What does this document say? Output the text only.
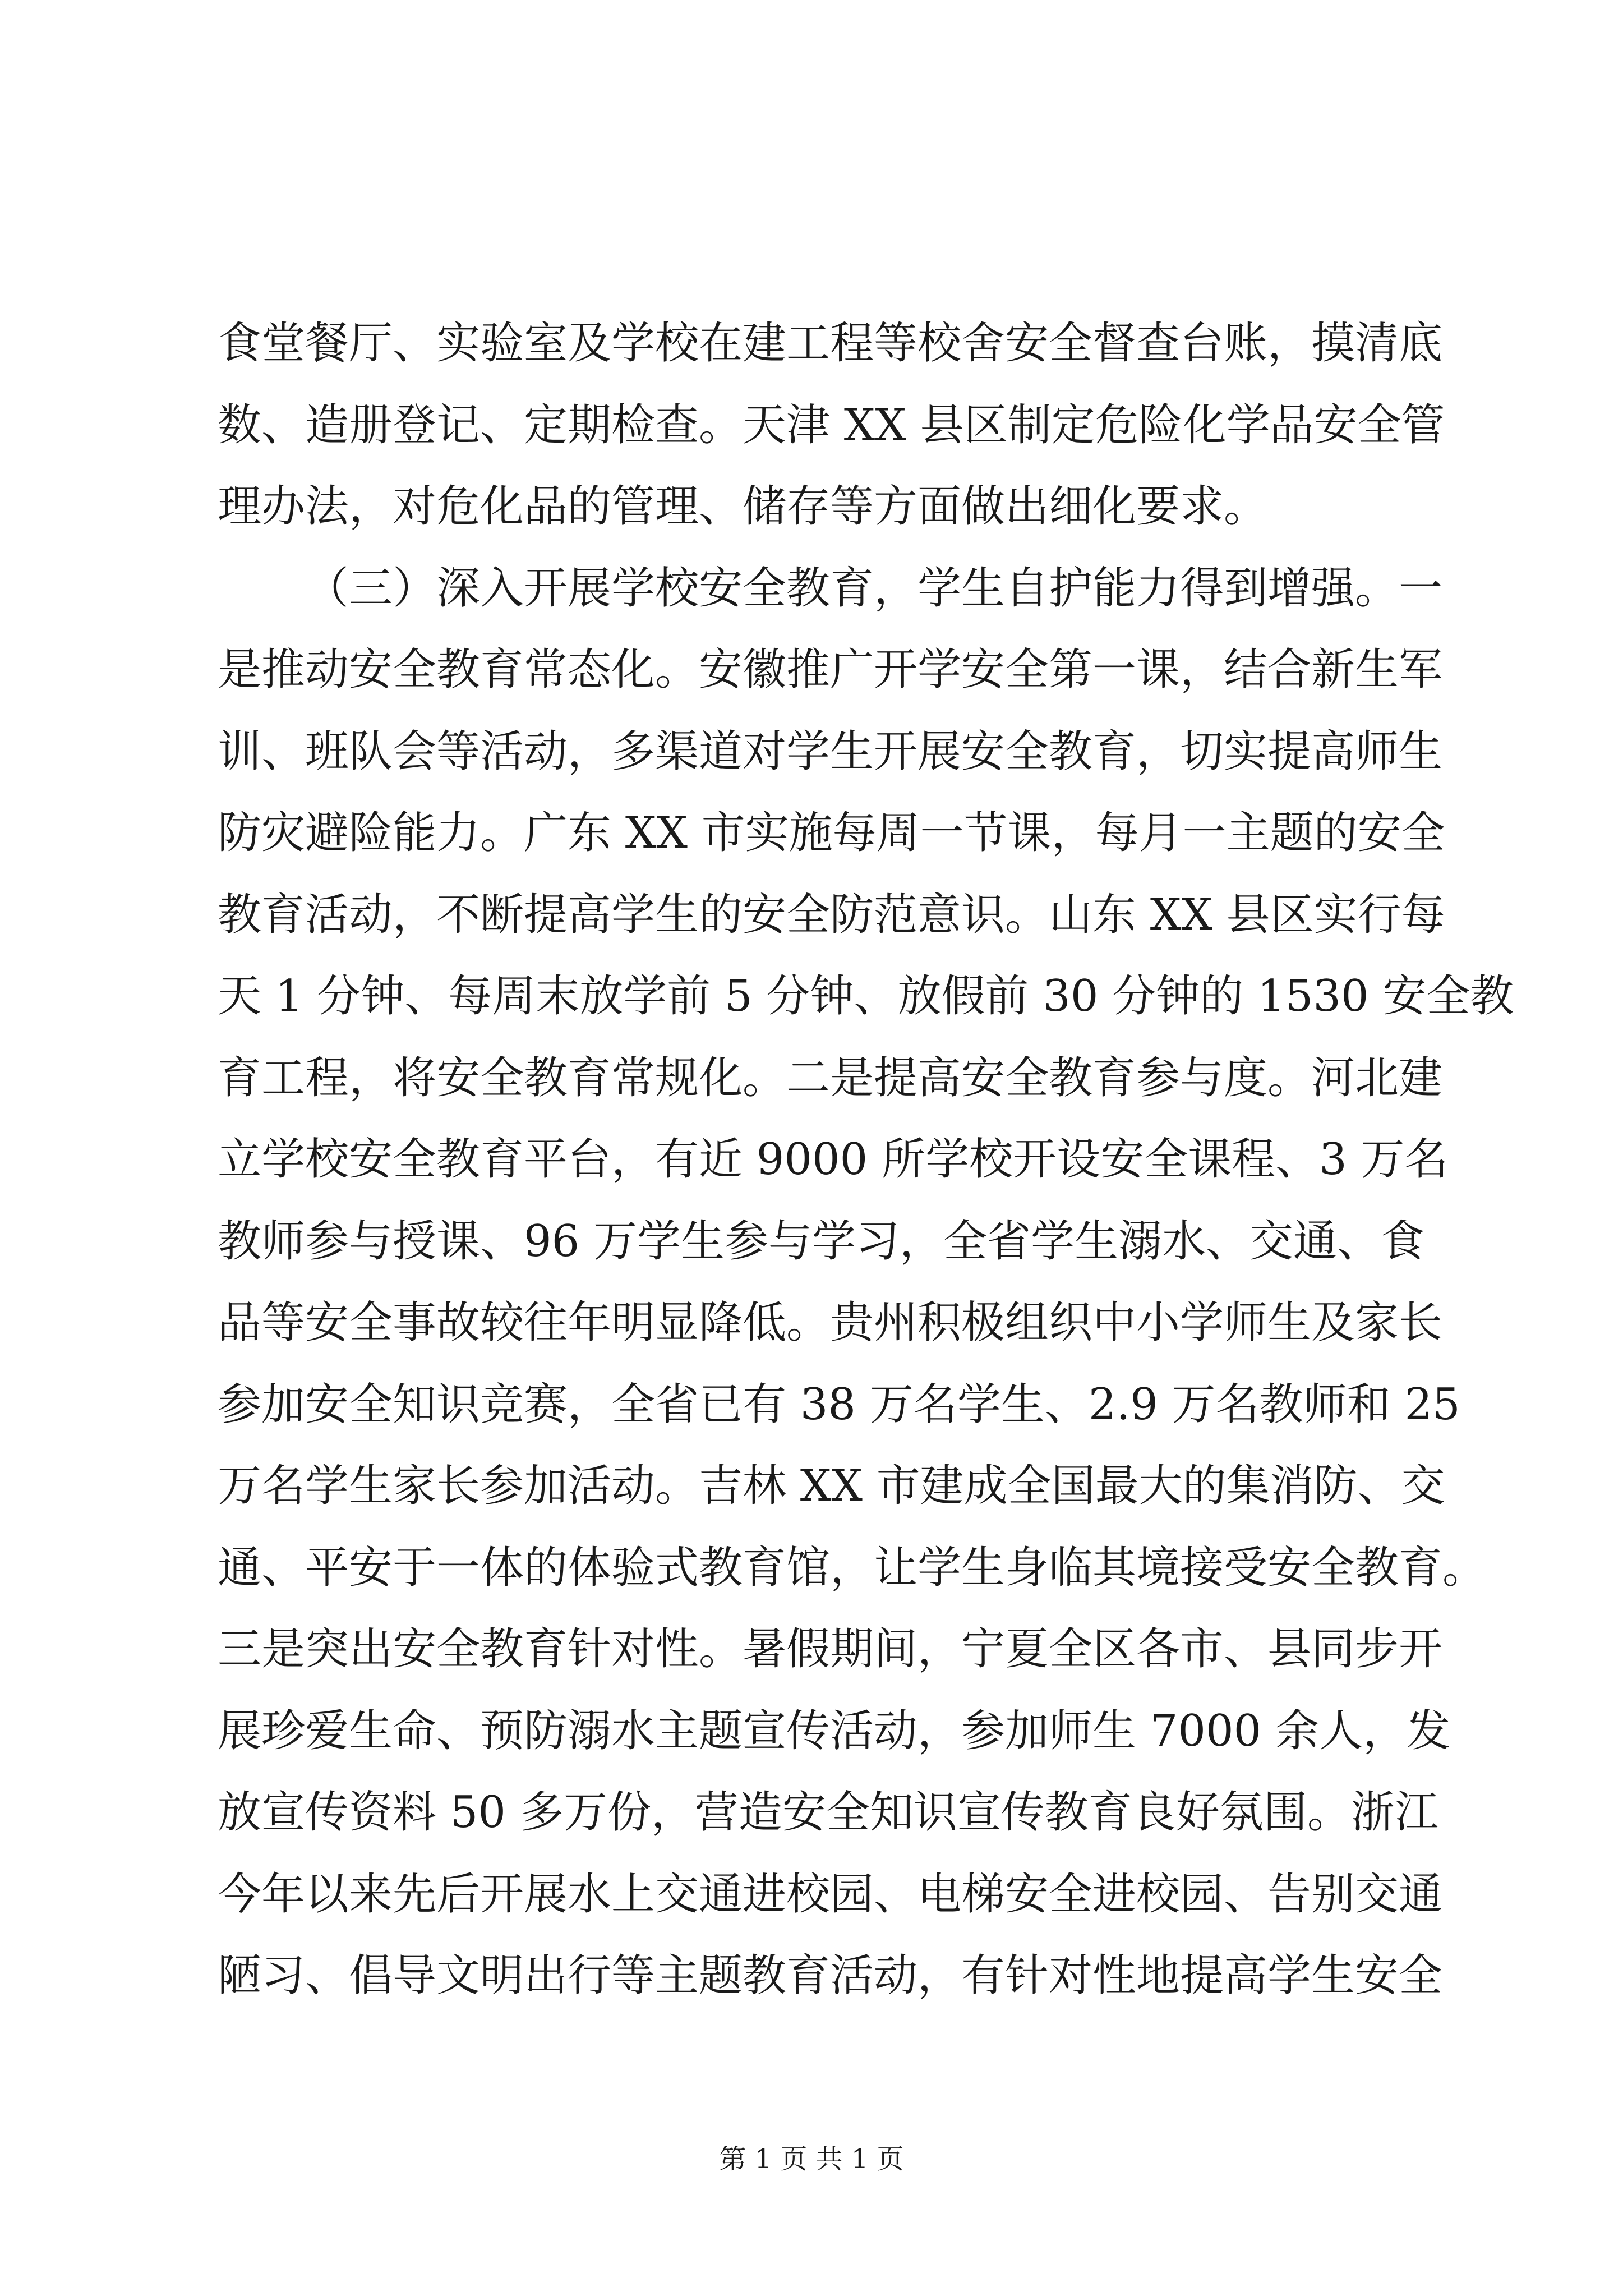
食堂餐厅、实验室及学校在建工程等校舍安全督查台账，摸清底
数、造册登记、定期检查。天津 XX 县区制定危险化学品安全管
理办法，对危化品的管理、储存等方面做出细化要求。
（三）深入开展学校安全教育，学生自护能力得到增强。一
是推动安全教育常态化。安徽推广开学安全第一课，结合新生军
训、班队会等活动，多渠道对学生开展安全教育，切实提高师生
防灾避险能力。广东 XX 市实施每周一节课，每月一主题的安全
教育活动，不断提高学生的安全防范意识。山东 XX 县区实行每
天 1 分钟、每周末放学前 5 分钟、放假前 30 分钟的 1530 安全教
育工程，将安全教育常规化。二是提高安全教育参与度。河北建
立学校安全教育平台，有近 9000 所学校开设安全课程、3 万名
教师参与授课、96 万学生参与学习，全省学生溺水、交通、食
品等安全事故较往年明显降低。贵州积极组织中小学师生及家长
参加安全知识竞赛，全省已有 38 万名学生、2.9 万名教师和 25
万名学生家长参加活动。吉林 XX 市建成全国最大的集消防、交
通、平安于一体的体验式教育馆，让学生身临其境接受安全教育。
三是突出安全教育针对性。暑假期间，宁夏全区各市、县同步开
展珍爱生命、预防溺水主题宣传活动，参加师生 7000 余人，发
放宣传资料 50 多万份，营造安全知识宣传教育良好氛围。浙江
今年以来先后开展水上交通进校园、电梯安全进校园、告别交通
陋习、倡导文明出行等主题教育活动，有针对性地提高学生安全
第 1 页 共 1 页
